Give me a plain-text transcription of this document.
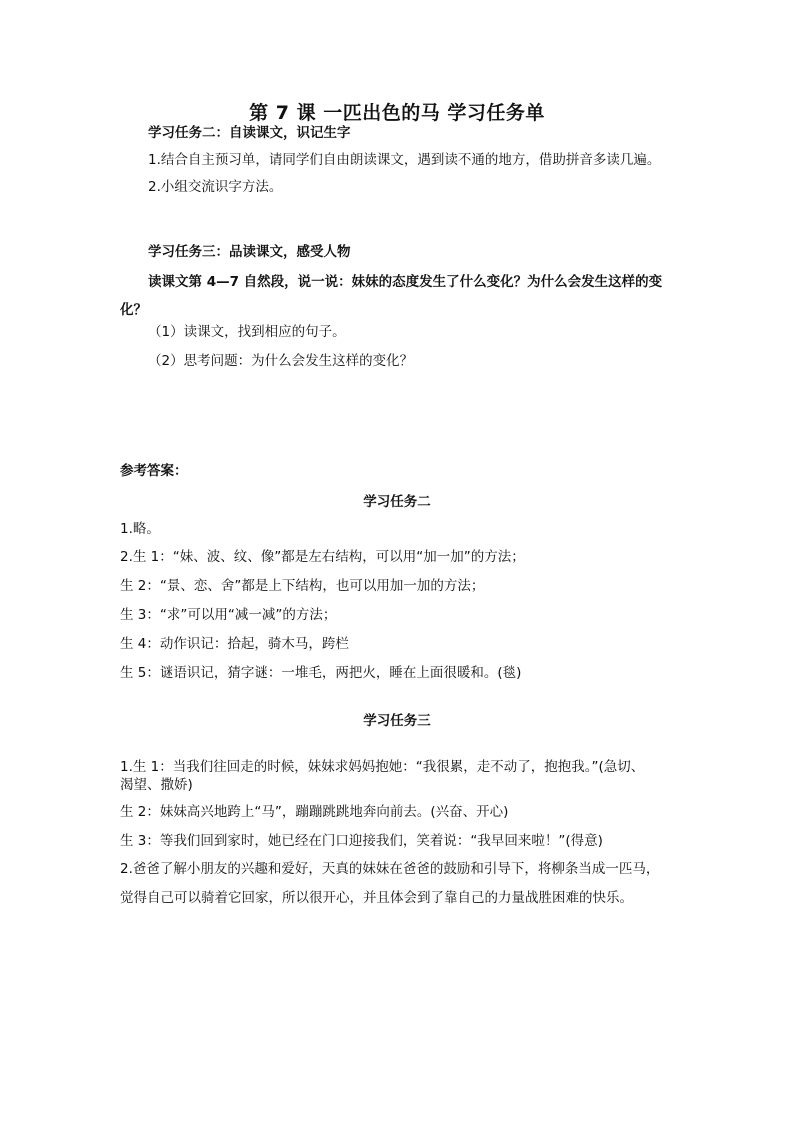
第 7 课 一匹出色的马 学习任务单
学习任务二：自读课文，识记生字
1.结合自主预习单，请同学们自由朗读课文，遇到读不通的地方，借助拼音多读几遍。
2.小组交流识字方法。
学习任务三：品读课文，感受人物
读课文第 4—7 自然段，说一说：妹妹的态度发生了什么变化？为什么会发生这样的变
化？
（1）读课文，找到相应的句子。
（2）思考问题：为什么会发生这样的变化？
参考答案：
学习任务二
1.略。
2.生 1：“妹、波、纹、像”都是左右结构，可以用“加一加”的方法；
生 2：“景、恋、舍”都是上下结构，也可以用加一加的方法；
生 3：“求”可以用“减一减”的方法；
生 4：动作识记：拾起，骑木马，跨栏
生 5：谜语识记，猜字谜：一堆毛，两把火，睡在上面很暖和。(毯)
学习任务三
1.生 1：当我们往回走的时候，妹妹求妈妈抱她：“我很累，走不动了，抱抱我。”(急切、
渴望、撒娇)
生 2：妹妹高兴地跨上“马”，蹦蹦跳跳地奔向前去。(兴奋、开心)
生 3：等我们回到家时，她已经在门口迎接我们，笑着说：“我早回来啦！”(得意)
2.爸爸了解小朋友的兴趣和爱好，天真的妹妹在爸爸的鼓励和引导下，将柳条当成一匹马，
觉得自己可以骑着它回家，所以很开心，并且体会到了靠自己的力量战胜困难的快乐。
